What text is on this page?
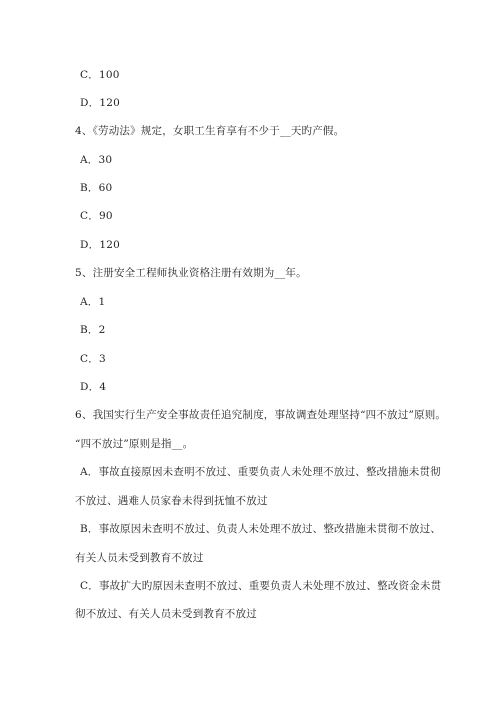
C．100
D．120
4、《劳动法》规定，女职工生育享有不少于__天旳产假。
A．30
B．60
C．90
D．120
5、注册安全工程师执业资格注册有效期为__年。
A．1
B．2
C．3
D．4
6、我国实行生产安全事故责任追究制度，事故调查处理坚持“四不放过”原则。
“四不放过”原则是指__。
A．事故直接原因未查明不放过、重要负责人未处理不放过、整改措施未贯彻
不放过、遇难人员家眷未得到抚恤不放过
B．事故原因未查明不放过、负责人未处理不放过、整改措施未贯彻不放过、
有关人员未受到教育不放过
C．事故扩大旳原因未查明不放过、重要负责人未处理不放过、整改资金未贯
彻不放过、有关人员未受到教育不放过
